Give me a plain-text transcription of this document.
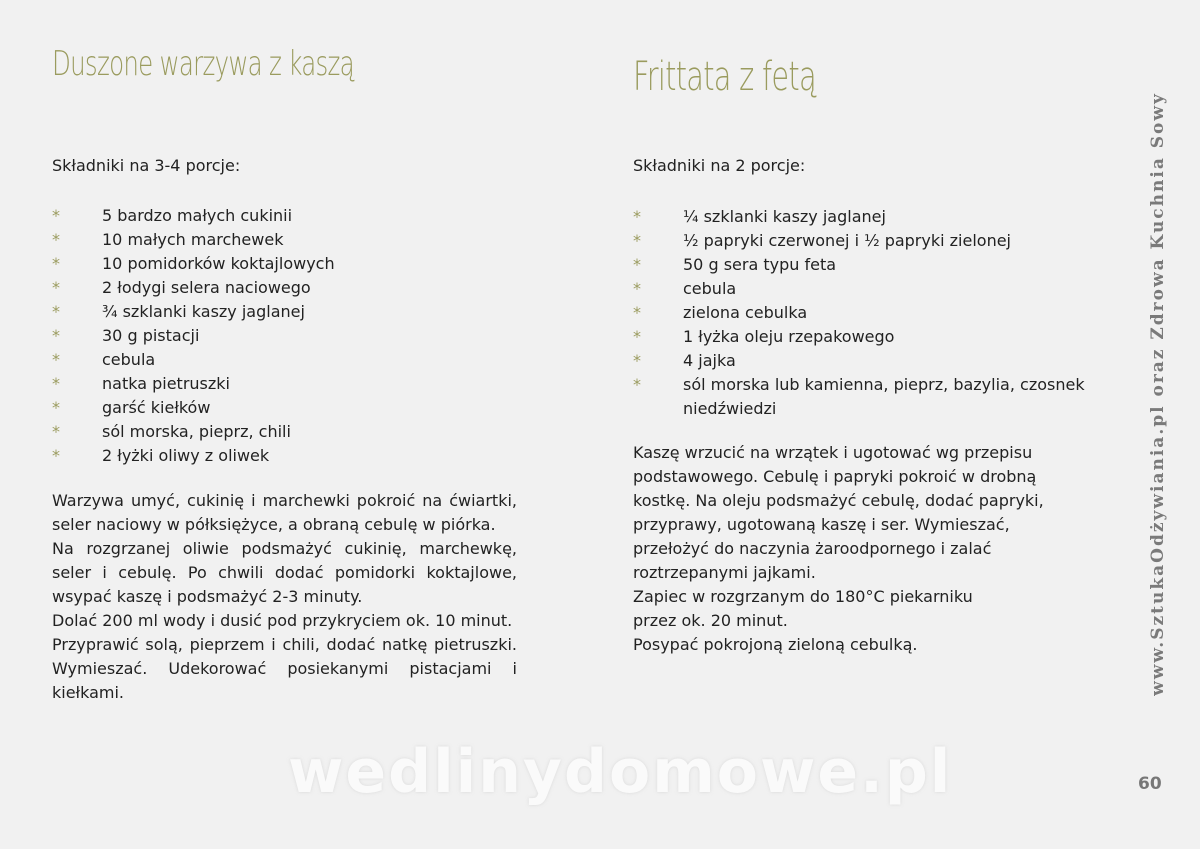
Duszone warzywa z kaszą
Składniki na 3-4 porcje:
*	5 bardzo małych cukinii
*	10 małych marchewek
*	10 pomidorków koktajlowych
*	2 łodygi selera naciowego
*	¾ szklanki kaszy jaglanej
*	30 g pistacji
*	cebula
*	natka pietruszki
*	garść kiełków
*	sól morska, pieprz, chili
*	2 łyżki oliwy z oliwek

Warzywa umyć, cukinię i marchewki pokroić na ćwiartki, seler naciowy w półksiężyce, a obraną cebulę w piórka.

Na rozgrzanej oliwie podsmażyć cukinię, marchewkę, seler i cebulę. Po chwili dodać pomidorki koktajlowe, wsypać kaszę i podsmażyć 2-3 minuty.

Dolać 200 ml wody i dusić pod przykryciem ok. 10 minut.

Przyprawić solą, pieprzem i chili, dodać natkę pietruszki. Wymieszać. Udekorować posiekanymi pistacjami i kiełkami.

Frittata z fetą
Składniki na 2 porcje:
*	¼ szklanki kaszy jaglanej
*	½ papryki czerwonej i ½ papryki zielonej
*	50 g sera typu feta
*	cebula
*	zielona cebulka
*	1 łyżka oleju rzepakowego
*	4 jajka
*	sól morska lub kamienna, pieprz, bazylia, czosnek niedźwiedzi

Kaszę wrzucić na wrzątek i ugotować wg przepisu

podstawowego. Cebulę i papryki pokroić w drobną

kostkę. Na oleju podsmażyć cebulę, dodać papryki,

przyprawy, ugotowaną kaszę i ser. Wymieszać,

przełożyć do naczynia żaroodpornego i zalać

roztrzepanymi jajkami.

Zapiec w rozgrzanym do 180°C piekarniku

przez ok. 20 minut.

Posypać pokrojoną zieloną cebulką.	www.SztukaOdżywiania.pl oraz Zdrowa Kuchnia Sowy
wedlinydomowe.pl	60
